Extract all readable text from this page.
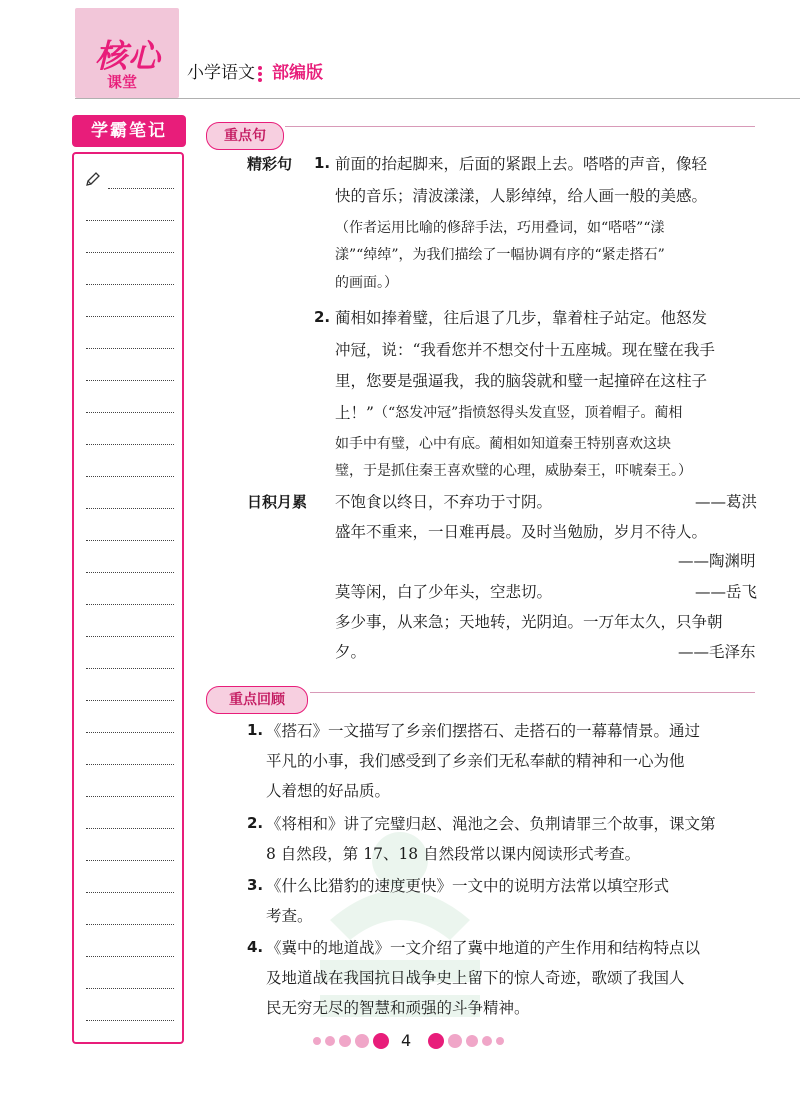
核心
课堂	小学语文 部编版
学霸笔记	重点句
精彩句 1. 前面的抬起脚来，后面的紧跟上去。嗒嗒的声音，像轻
快的音乐；清波漾漾，人影绰绰，给人画一般的美感。
（作者运用比喻的修辞手法，巧用叠词，如“嗒嗒”“漾
漾”“绰绰”，为我们描绘了一幅协调有序的“紧走搭石”
的画面。）
2. 蔺相如捧着璧，往后退了几步，靠着柱子站定。他怒发
冲冠，说：“我看您并不想交付十五座城。现在璧在我手
里，您要是强逼我，我的脑袋就和璧一起撞碎在这柱子
上！” （“怒发冲冠”指愤怒得头发直竖，顶着帽子。蔺相
如手中有璧，心中有底。蔺相如知道秦王特别喜欢这块
璧，于是抓住秦王喜欢璧的心理，威胁秦王，吓唬秦王。）
日积月累 不饱食以终日，不弃功于寸阴。	——葛洪
盛年不重来，一日难再晨。及时当勉励，岁月不待人。
——陶渊明
莫等闲，白了少年头，空悲切。	——岳飞
多少事，从来急；天地转，光阴迫。一万年太久，只争朝
夕。	——毛泽东
重点回顾
1. 《搭石》一文描写了乡亲们摆搭石、走搭石的一幕幕情景。通过
平凡的小事，我们感受到了乡亲们无私奉献的精神和一心为他
人着想的好品质。
2. 《将相和》讲了完璧归赵、渑池之会、负荆请罪三个故事，课文第
8 自然段，第 17、18 自然段常以课内阅读形式考查。
3. 《什么比猎豹的速度更快》一文中的说明方法常以填空形式
考查。
4. 《冀中的地道战》一文介绍了冀中地道的产生作用和结构特点以
及地道战在我国抗日战争史上留下的惊人奇迹，歌颂了我国人
民无穷无尽的智慧和顽强的斗争精神。
4
